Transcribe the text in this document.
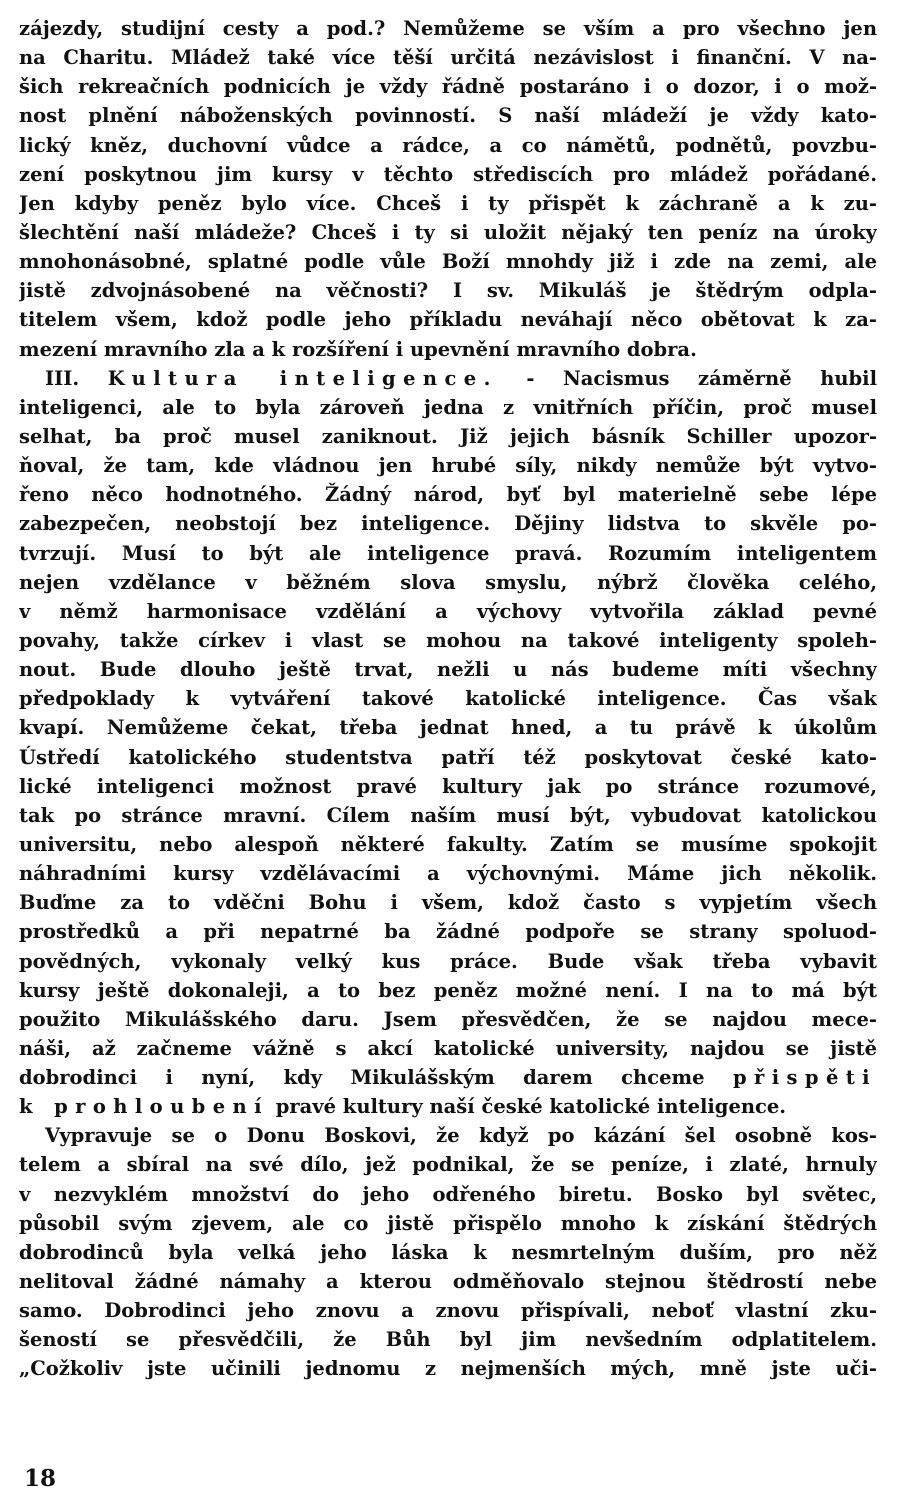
zájezdy, studijní cesty a pod.? Nemůžeme se vším a pro všechno jen
na Charitu. Mládež také více těší určitá nezávislost i finanční. V na-
šich rekreačních podnicích je vždy řádně postaráno i o dozor, i o mož-
nost plnění náboženských povinností. S naší mládeží je vždy kato-
lický kněz, duchovní vůdce a rádce, a co námětů, podnětů, povzbu-
zení poskytnou jim kursy v těchto střediscích pro mládež pořádané.
Jen kdyby peněz bylo více. Chceš i ty přispět k záchraně a k zu-
šlechtění naší mládeže? Chceš i ty si uložit nějaký ten peníz na úroky
mnohonásobné, splatné podle vůle Boží mnohdy již i zde na zemi, ale
jistě zdvojnásobené na věčnosti? I sv. Mikuláš je štědrým odpla-
titelem všem, kdož podle jeho příkladu neváhají něco obětovat k za-
mezení mravního zla a k rozšíření i upevnění mravního dobra.
III. Kultura inteligence. - Nacismus záměrně hubil
inteligenci, ale to byla zároveň jedna z vnitřních příčin, proč musel
selhat, ba proč musel zaniknout. Již jejich básník Schiller upozor-
ňoval, že tam, kde vládnou jen hrubé síly, nikdy nemůže být vytvo-
řeno něco hodnotného. Žádný národ, byť byl materielně sebe lépe
zabezpečen, neobstojí bez inteligence. Dějiny lidstva to skvěle po-
tvrzují. Musí to být ale inteligence pravá. Rozumím inteligentem
nejen vzdělance v běžném slova smyslu, nýbrž člověka celého,
v němž harmonisace vzdělání a výchovy vytvořila základ pevné
povahy, takže církev i vlast se mohou na takové inteligenty spoleh-
nout. Bude dlouho ještě trvat, nežli u nás budeme míti všechny
předpoklady k vytváření takové katolické inteligence. Čas však
kvapí. Nemůžeme čekat, třeba jednat hned, a tu právě k úkolům
Ústředí katolického studentstva patří též poskytovat české kato-
lické inteligenci možnost pravé kultury jak po stránce rozumové,
tak po stránce mravní. Cílem naším musí být, vybudovat katolickou
universitu, nebo alespoň některé fakulty. Zatím se musíme spokojit
náhradními kursy vzdělávacími a výchovnými. Máme jich několik.
Buďme za to vděčni Bohu i všem, kdož často s vypjetím všech
prostředků a při nepatrné ba žádné podpoře se strany spoluod-
povědných, vykonaly velký kus práce. Bude však třeba vybavit
kursy ještě dokonaleji, a to bez peněz možné není. I na to má být
použito Mikulášského daru. Jsem přesvědčen, že se najdou mece-
náši, až začneme vážně s akcí katolické university, najdou se jistě
dobrodinci i nyní, kdy Mikulášským darem chceme přispěti
k prohloubení pravé kultury naší české katolické inteligence.
Vypravuje se o Donu Boskovi, že když po kázání šel osobně kos-
telem a sbíral na své dílo, jež podnikal, že se peníze, i zlaté, hrnuly
v nezvyklém množství do jeho odřeného biretu. Bosko byl světec,
působil svým zjevem, ale co jistě přispělo mnoho k získání štědrých
dobrodinců byla velká jeho láska k nesmrtelným duším, pro něž
nelitoval žádné námahy a kterou odměňovalo stejnou štědrostí nebe
samo. Dobrodinci jeho znovu a znovu přispívali, neboť vlastní zku-
šeností se přesvědčili, že Bůh byl jim nevšedním odplatitelem.
„Cožkoliv jste učinili jednomu z nejmenších mých, mně jste uči-
18
